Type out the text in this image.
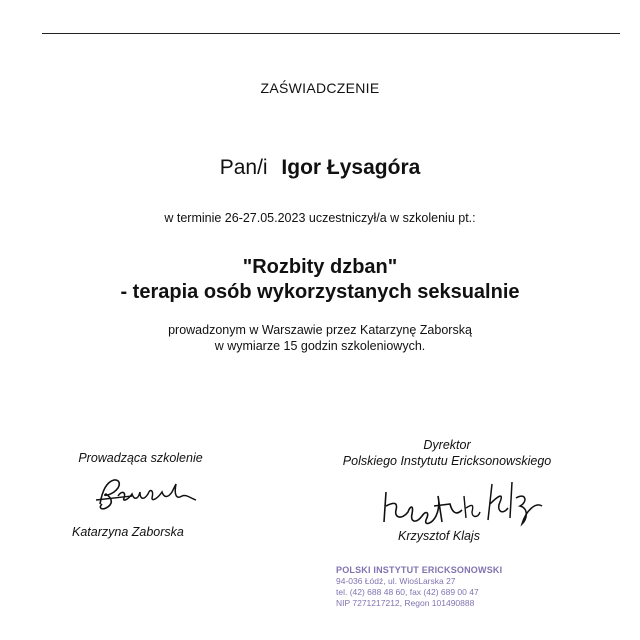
ZAŚWIADCZENIE
Pan/i Igor Łysagóra
w terminie 26-27.05.2023 uczestniczył/a w szkoleniu pt.:
"Rozbity dzban"
- terapia osób wykorzystanych seksualnie
prowadzonym w Warszawie przez Katarzynę Zaborską
w wymiarze 15 godzin szkoleniowych.
Prowadząca szkolenie
Dyrektor
Polskiego Instytutu Ericksonowskiego
Katarzyna Zaborska	Krzysztof Klajs
POLSKI INSTYTUT ERICKSONOWSKI
94-036 Łódź, ul. WiośLarska 27
tel. (42) 688 48 60, fax (42) 689 00 47
NIP 7271217212, Regon 101490888
